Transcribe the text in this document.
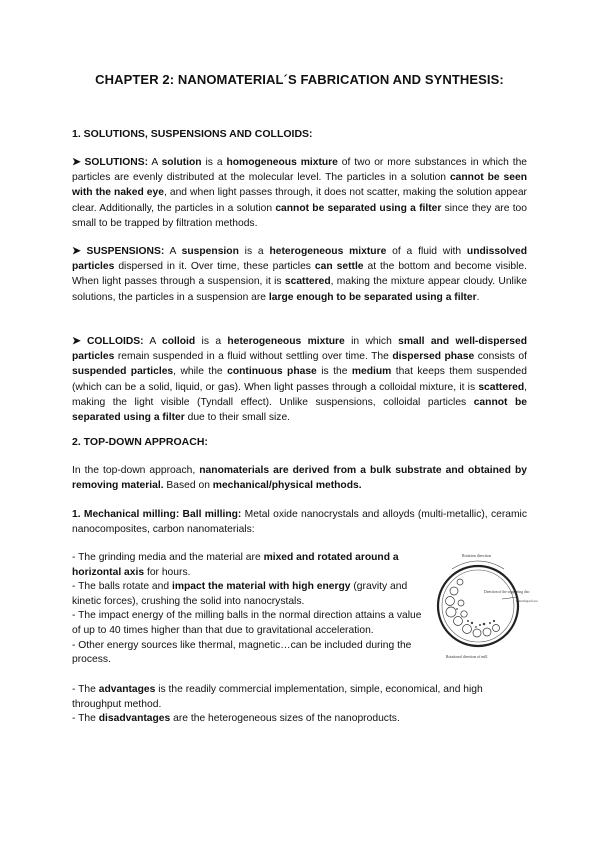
CHAPTER 2: NANOMATERIAL´S FABRICATION AND SYNTHESIS:
1. SOLUTIONS, SUSPENSIONS AND COLLOIDS:

➤ SOLUTIONS: A solution is a homogeneous mixture of two or more substances in which the particles are evenly distributed at the molecular level. The particles in a solution cannot be seen with the naked eye, and when light passes through, it does not scatter, making the solution appear clear. Additionally, the particles in a solution cannot be separated using a filter since they are too small to be trapped by filtration methods.

➤ SUSPENSIONS: A suspension is a heterogeneous mixture of a fluid with undissolved particles dispersed in it. Over time, these particles can settle at the bottom and become visible. When light passes through a suspension, it is scattered, making the mixture appear cloudy. Unlike solutions, the particles in a suspension are large enough to be separated using a filter.

➤ COLLOIDS: A colloid is a heterogeneous mixture in which small and well-dispersed particles remain suspended in a fluid without settling over time. The dispersed phase consists of suspended particles, while the continuous phase is the medium that keeps them suspended (which can be a solid, liquid, or gas). When light passes through a colloidal mixture, it is scattered, making the light visible (Tyndall effect). Unlike suspensions, colloidal particles cannot be separated using a filter due to their small size.

2. TOP-DOWN APPROACH:

In the top-down approach, nanomaterials are derived from a bulk substrate and obtained by removing material. Based on mechanical/physical methods.

1. Mechanical milling: Ball milling: Metal oxide nanocrystals and alloyds (multi-metallic), ceramic nanocomposites, carbon nanomaterials:

- The grinding media and the material are mixed and rotated around a horizontal axis for hours.
- The balls rotate and impact the material with high energy (gravity and kinetic forces), crushing the solid into nanocrystals.
- The impact energy of the milling balls in the normal direction attains a value of up to 40 times higher than that due to gravitational acceleration.
- Other energy sources like thermal, magnetic…can be included during the process.
Rotation direction
Direction of the supporting disc
Centrifugal force
Rotational direction of mill
- The advantages is the readily commercial implementation, simple, economical, and high throughput method.
- The disadvantages are the heterogeneous sizes of the nanoproducts.
